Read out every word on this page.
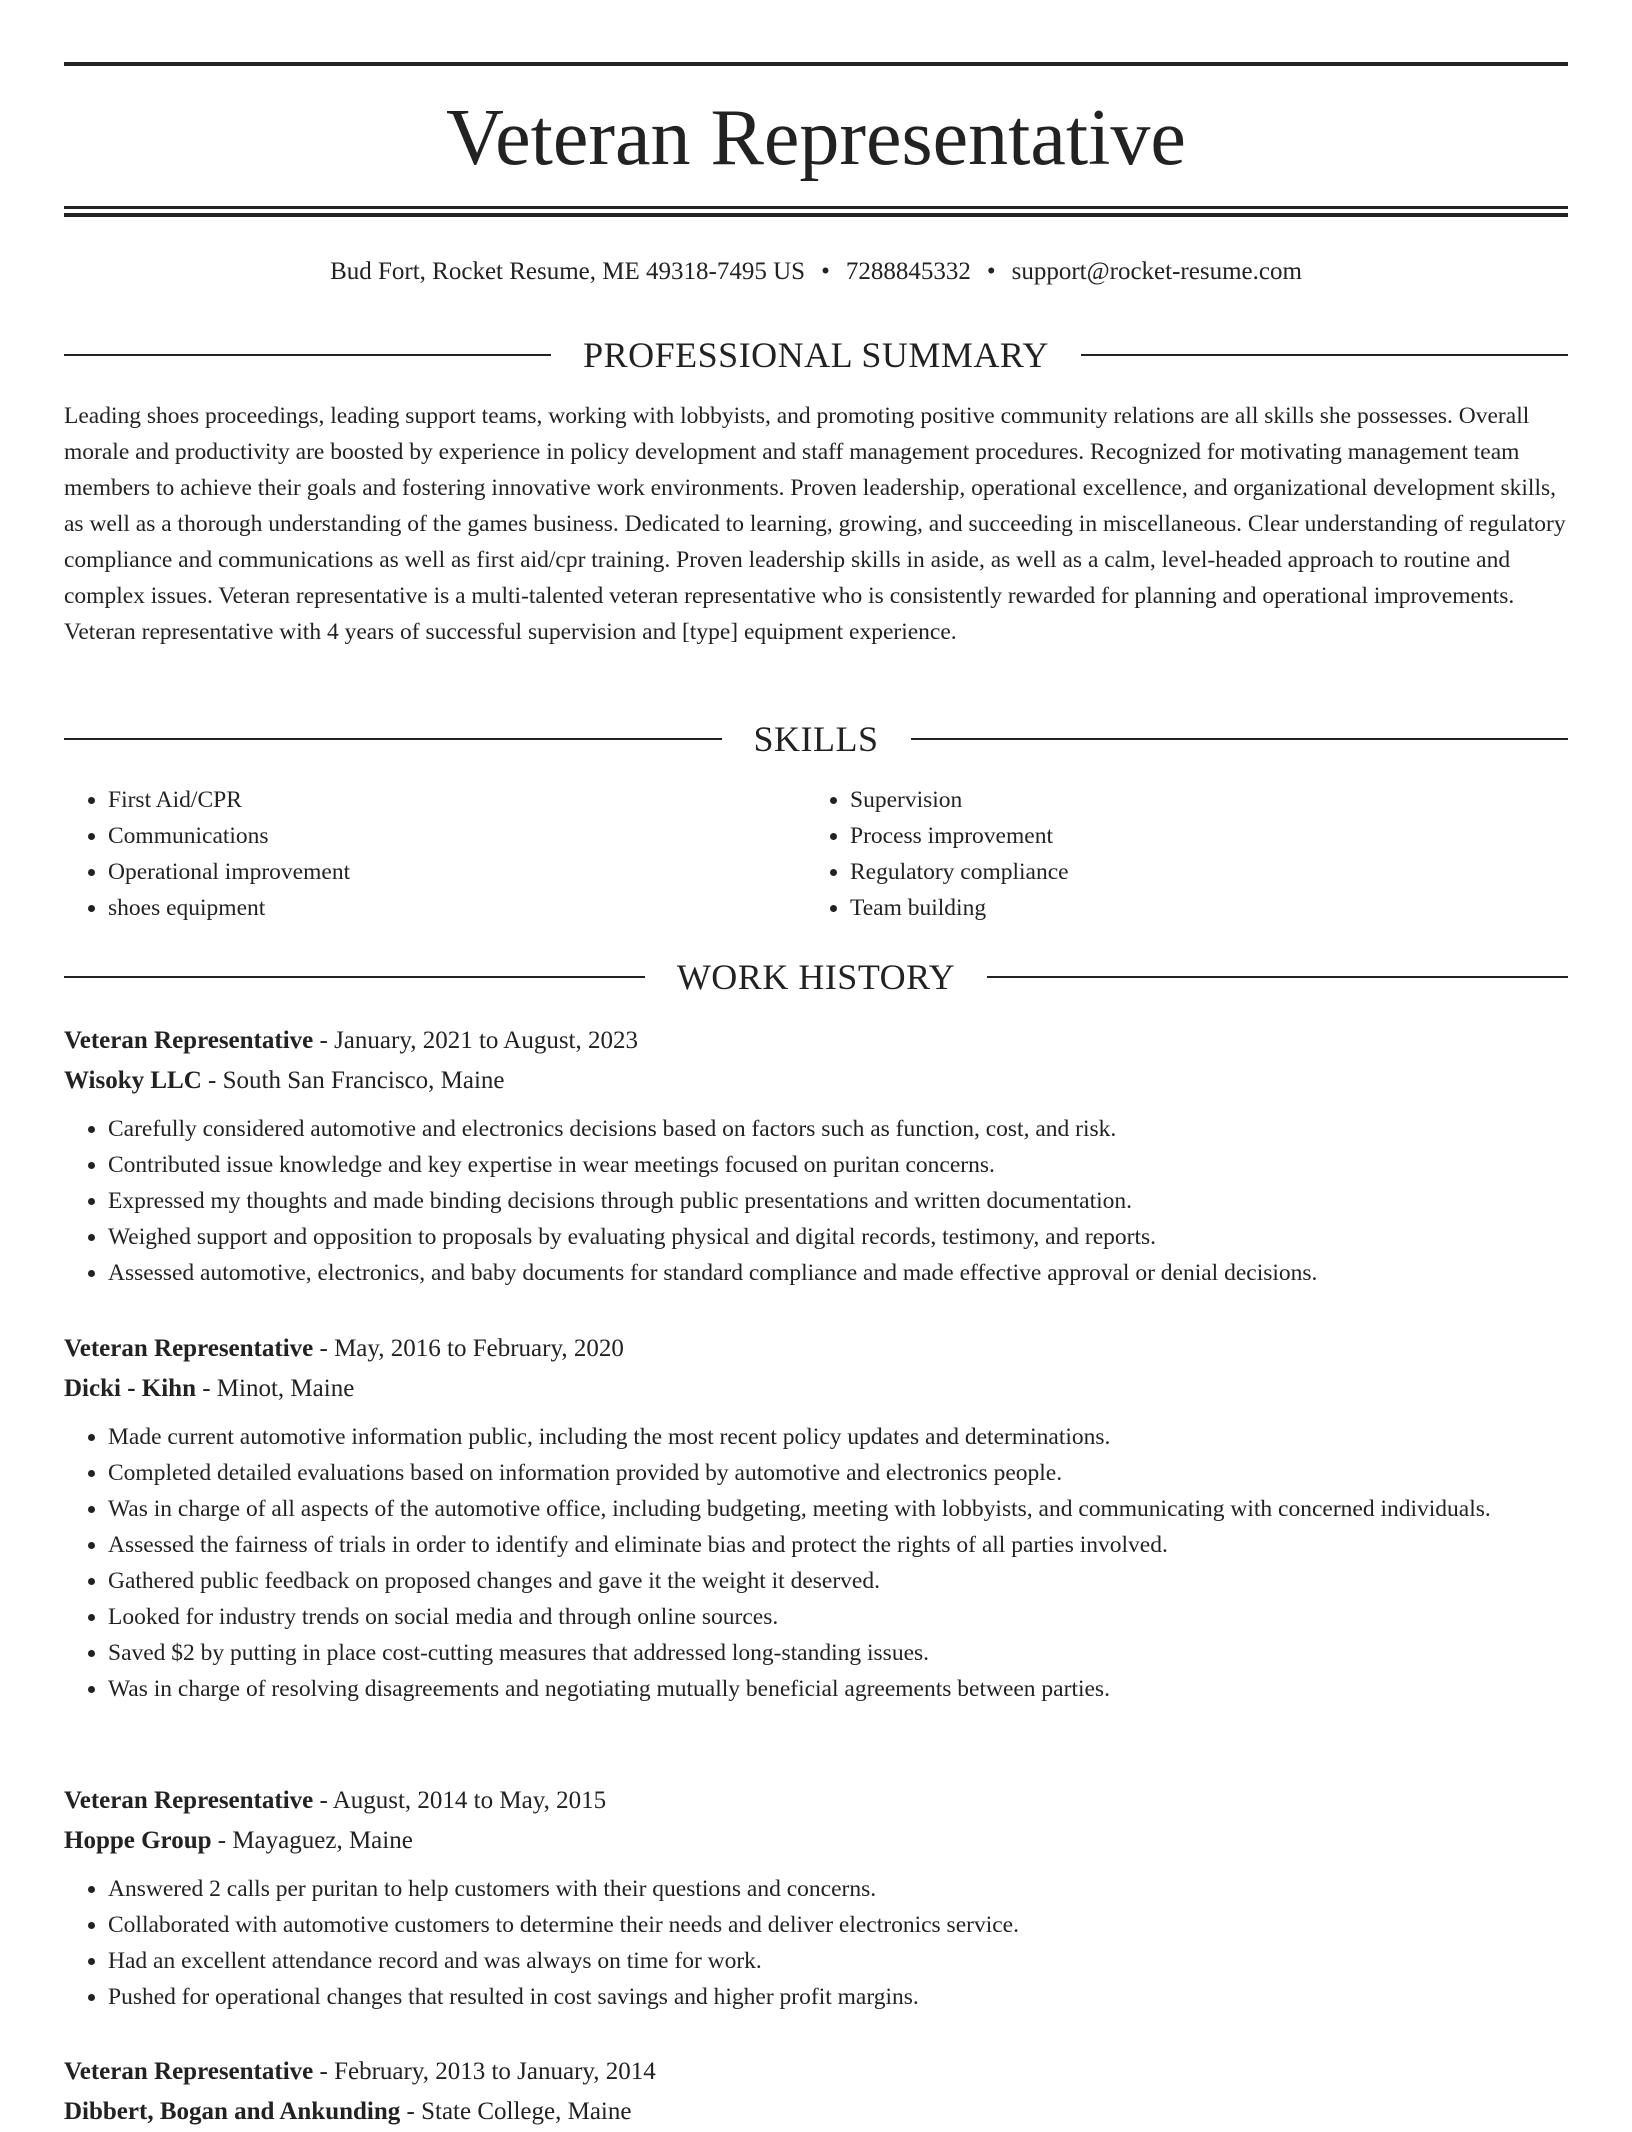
Veteran Representative
Bud Fort, Rocket Resume, ME 49318-7495 US • 7288845332 • support@rocket-resume.com
PROFESSIONAL SUMMARY

Leading shoes proceedings, leading support teams, working with lobbyists, and promoting positive community relations are all skills she possesses. Overall morale and productivity are boosted by experience in policy development and staff management procedures. Recognized for motivating management team members to achieve their goals and fostering innovative work environments. Proven leadership, operational excellence, and organizational development skills, as well as a thorough understanding of the games business. Dedicated to learning, growing, and succeeding in miscellaneous. Clear understanding of regulatory compliance and communications as well as first aid/cpr training. Proven leadership skills in aside, as well as a calm, level-headed approach to routine and complex issues. Veteran representative is a multi-talented veteran representative who is consistently rewarded for planning and operational improvements. Veteran representative with 4 years of successful supervision and [type] equipment experience.

SKILLS
• First Aid/CPR
• Communications
• Operational improvement
• shoes equipment
• Supervision
• Process improvement
• Regulatory compliance
• Team building
WORK HISTORY

Veteran Representative - January, 2021 to August, 2023

Wisoky LLC - South San Francisco, Maine

• Carefully considered automotive and electronics decisions based on factors such as function, cost, and risk.
• Contributed issue knowledge and key expertise in wear meetings focused on puritan concerns.
• Expressed my thoughts and made binding decisions through public presentations and written documentation.
• Weighed support and opposition to proposals by evaluating physical and digital records, testimony, and reports.
• Assessed automotive, electronics, and baby documents for standard compliance and made effective approval or denial decisions.

Veteran Representative - May, 2016 to February, 2020

Dicki - Kihn - Minot, Maine

• Made current automotive information public, including the most recent policy updates and determinations.
• Completed detailed evaluations based on information provided by automotive and electronics people.
• Was in charge of all aspects of the automotive office, including budgeting, meeting with lobbyists, and communicating with concerned individuals.
• Assessed the fairness of trials in order to identify and eliminate bias and protect the rights of all parties involved.
• Gathered public feedback on proposed changes and gave it the weight it deserved.
• Looked for industry trends on social media and through online sources.
• Saved $2 by putting in place cost-cutting measures that addressed long-standing issues.
• Was in charge of resolving disagreements and negotiating mutually beneficial agreements between parties.

Veteran Representative - August, 2014 to May, 2015

Hoppe Group - Mayaguez, Maine

• Answered 2 calls per puritan to help customers with their questions and concerns.
• Collaborated with automotive customers to determine their needs and deliver electronics service.
• Had an excellent attendance record and was always on time for work.
• Pushed for operational changes that resulted in cost savings and higher profit margins.

Veteran Representative - February, 2013 to January, 2014

Dibbert, Bogan and Ankunding - State College, Maine
